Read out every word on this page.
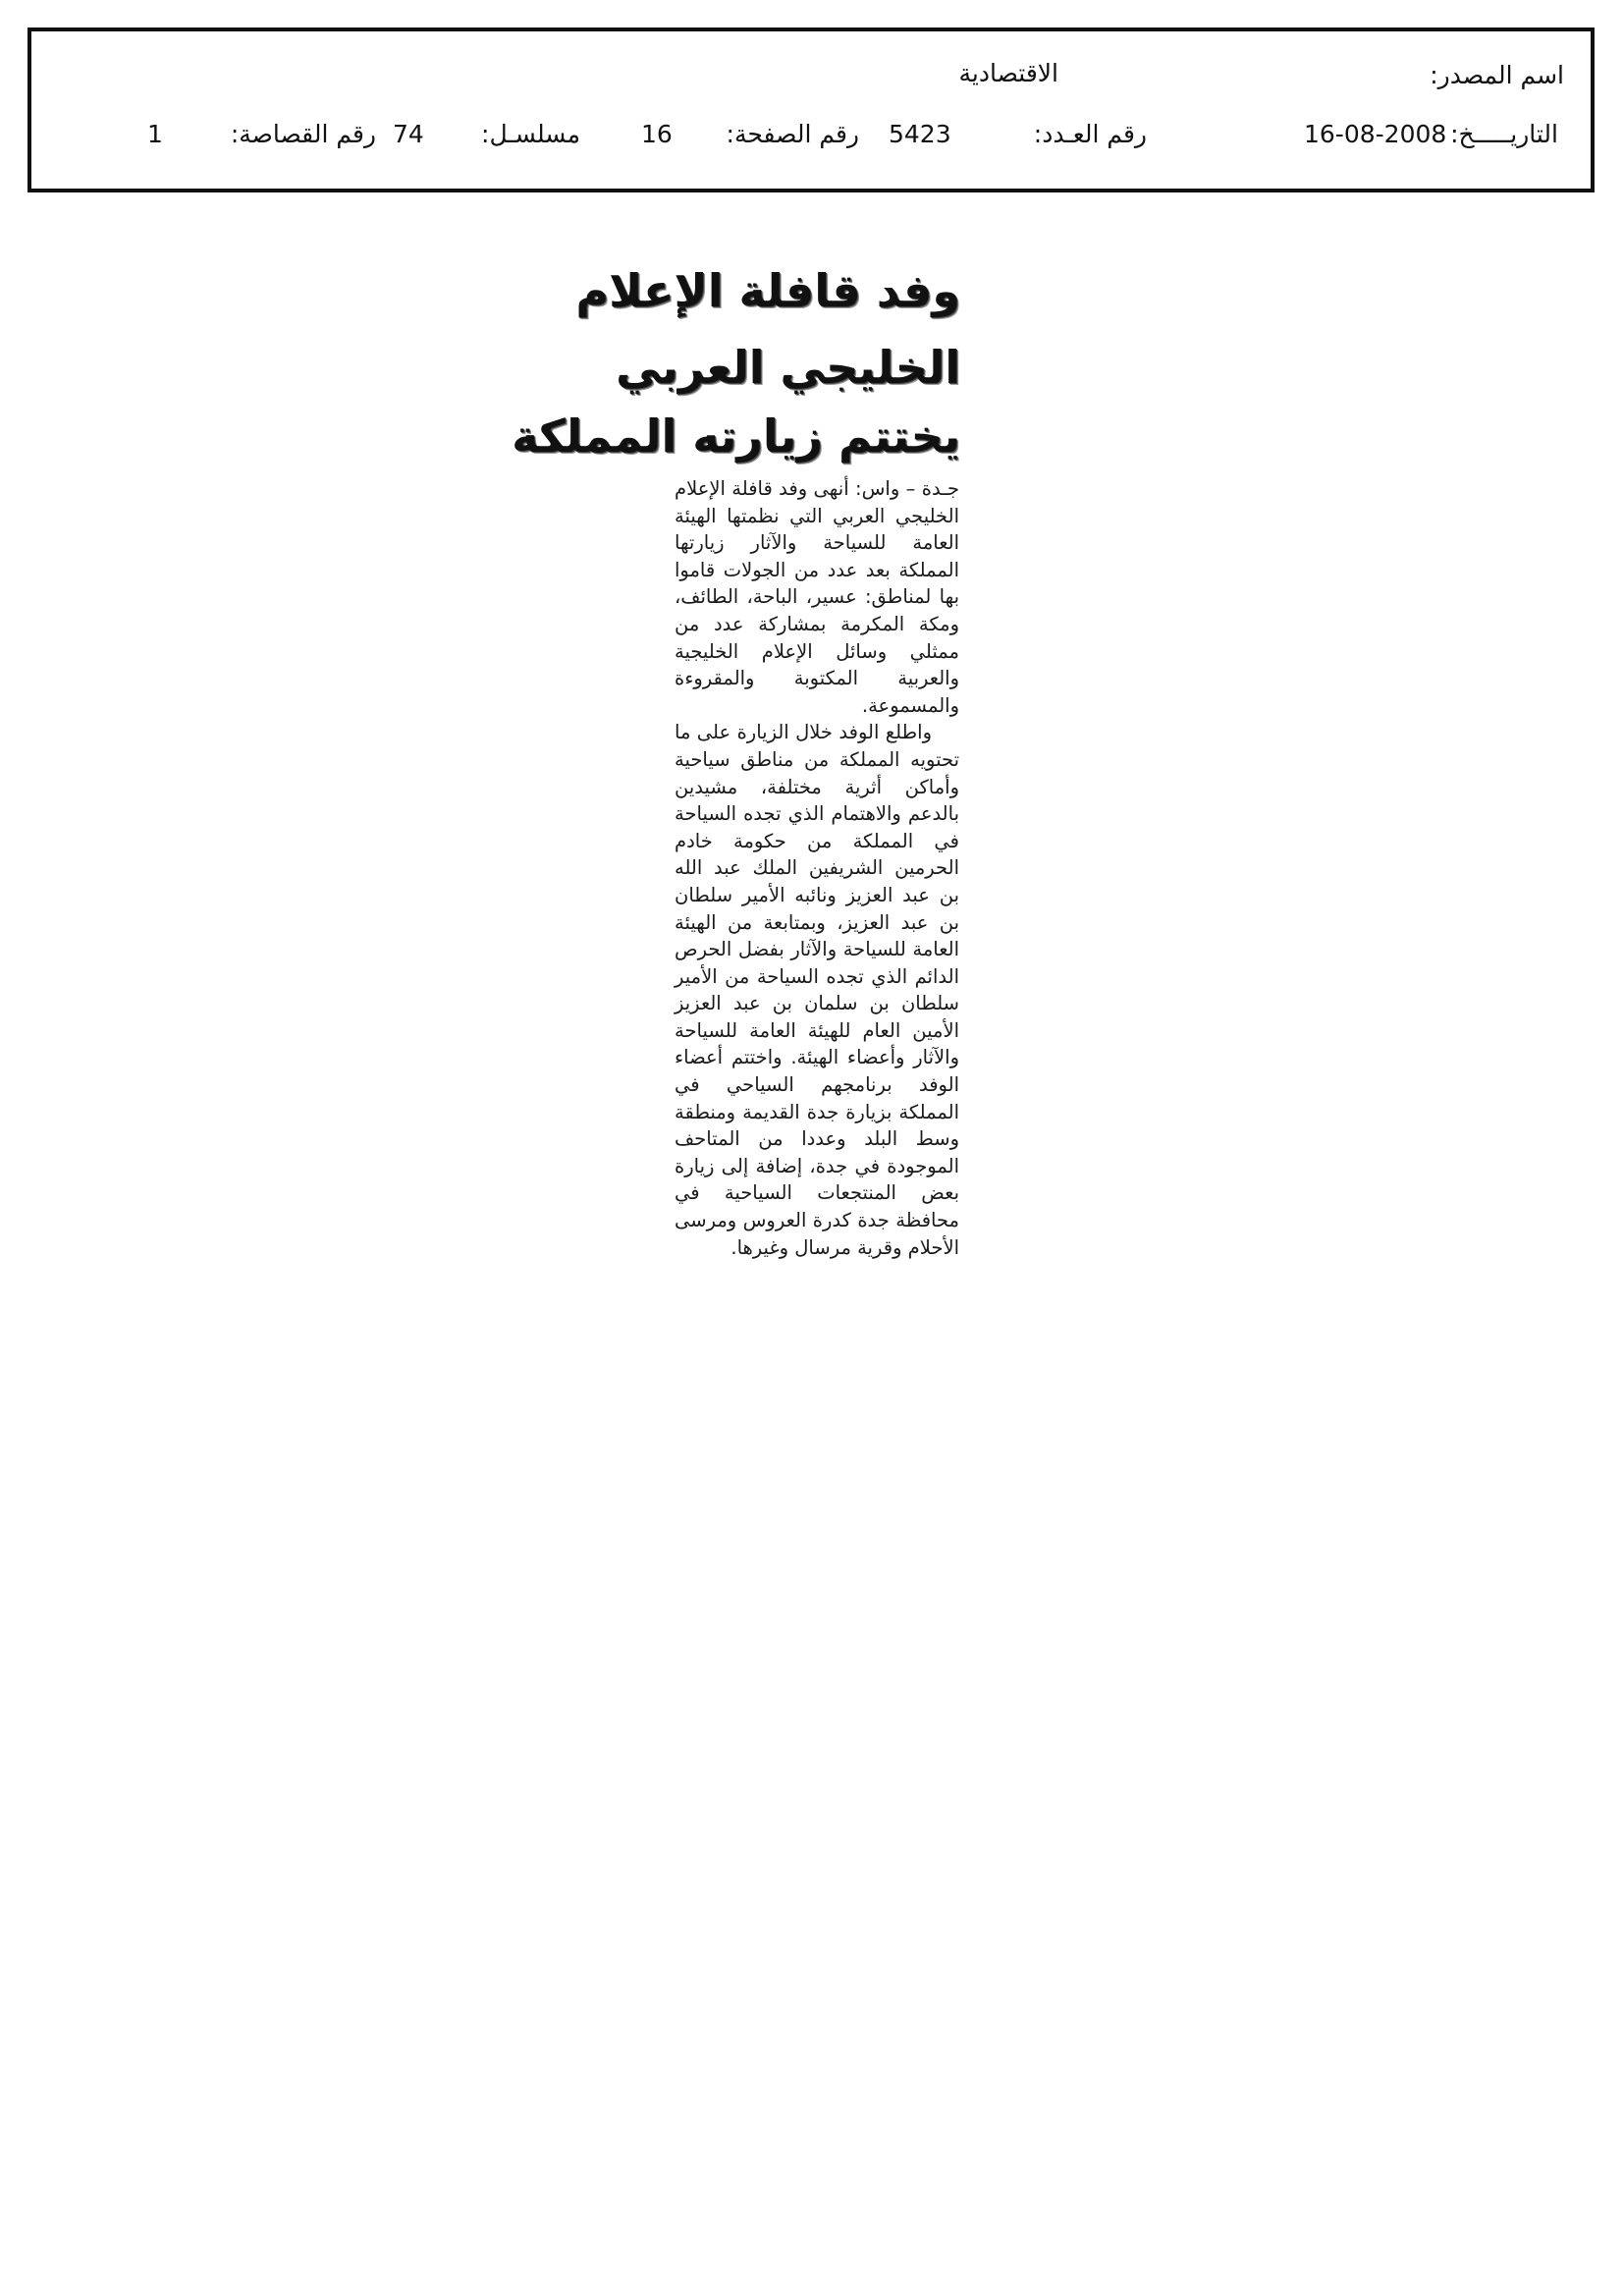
اسم المصدر:
الاقتصادية
التاريـــــخ:
16-08-2008
رقم العـدد:
5423
رقم الصفحة:
16
مسلسـل:
74
رقم القصاصة:
1
وفد قافلة الإعلام
الخليجي العربي
يختتم زيارته المملكة

جـدة – واس: أنهى وفد قافلة الإعلام الخليجي العربي التي نظمتها الهيئة العامة للسياحة والآثار زيارتها المملكة بعد عدد من الجولات قاموا بها لمناطق: عسير، الباحة، الطائف، ومكة المكرمة بمشاركة عدد من ممثلي وسائل الإعلام الخليجية والعربية المكتوبة والمقروءة والمسموعة.

واطلع الوفد خلال الزيارة على ما تحتويه المملكة من مناطق سياحية وأماكن أثرية مختلفة، مشيدين بالدعم والاهتمام الذي تجده السياحة في المملكة من حكومة خادم الحرمين الشريفين الملك عبد الله بن عبد العزيز ونائبه الأمير سلطان بن عبد العزيز، وبمتابعة من الهيئة العامة للسياحة والآثار بفضل الحرص الدائم الذي تجده السياحة من الأمير سلطان بن سلمان بن عبد العزيز الأمين العام للهيئة العامة للسياحة والآثار وأعضاء الهيئة. واختتم أعضاء الوفد برنامجهم السياحي في المملكة بزيارة جدة القديمة ومنطقة وسط البلد وعددا من المتاحف الموجودة في جدة، إضافة إلى زيارة بعض المنتجعات السياحية في محافظة جدة كدرة العروس ومرسى الأحلام وقرية مرسال وغيرها.
